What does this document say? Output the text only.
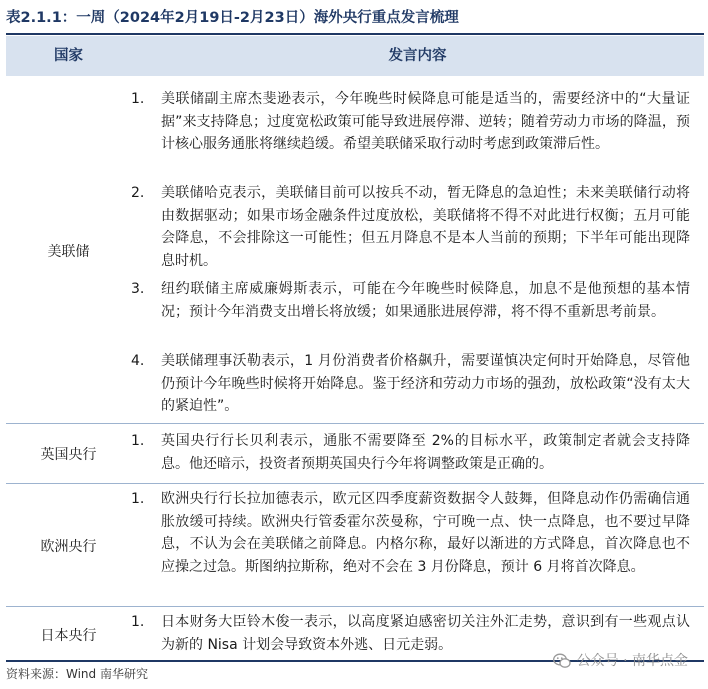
表2.1.1：一周（2024年2月19日-2月23日）海外央行重点发言梳理
国家	发言内容
美联储
1. 美联储副主席杰斐逊表示，今年晚些时候降息可能是适当的，需要经济中的“大量证据”来支持降息；过度宽松政策可能导致进展停滞、逆转；随着劳动力市场的降温，预计核心服务通胀将继续趋缓。希望美联储采取行动时考虑到政策滞后性。
2. 美联储哈克表示，美联储目前可以按兵不动，暂无降息的急迫性；未来美联储行动将由数据驱动；如果市场金融条件过度放松，美联储将不得不对此进行权衡；五月可能会降息，不会排除这一可能性；但五月降息不是本人当前的预期；下半年可能出现降息时机。
3. 纽约联储主席威廉姆斯表示，可能在今年晚些时候降息，加息不是他预想的基本情况；预计今年消费支出增长将放缓；如果通胀进展停滞，将不得不重新思考前景。
4. 美联储理事沃勒表示，1 月份消费者价格飙升，需要谨慎决定何时开始降息，尽管他仍预计今年晚些时候将开始降息。鉴于经济和劳动力市场的强劲，放松政策“没有太大的紧迫性”。
英国央行
1. 英国央行行长贝利表示，通胀不需要降至 2%的目标水平，政策制定者就会支持降息。他还暗示，投资者预期英国央行今年将调整政策是正确的。
欧洲央行
1. 欧洲央行行长拉加德表示，欧元区四季度薪资数据令人鼓舞，但降息动作仍需确信通胀放缓可持续。欧洲央行管委霍尔茨曼称，宁可晚一点、快一点降息，也不要过早降息，不认为会在美联储之前降息。内格尔称，最好以渐进的方式降息，首次降息也不应操之过急。斯图纳拉斯称，绝对不会在 3 月份降息，预计 6 月将首次降息。
日本央行
1. 日本财务大臣铃木俊一表示，以高度紧迫感密切关注外汇走势，意识到有一些观点认为新的 Nisa 计划会导致资本外逃、日元走弱。
资料来源：Wind 南华研究
公众号 · 南华点金
